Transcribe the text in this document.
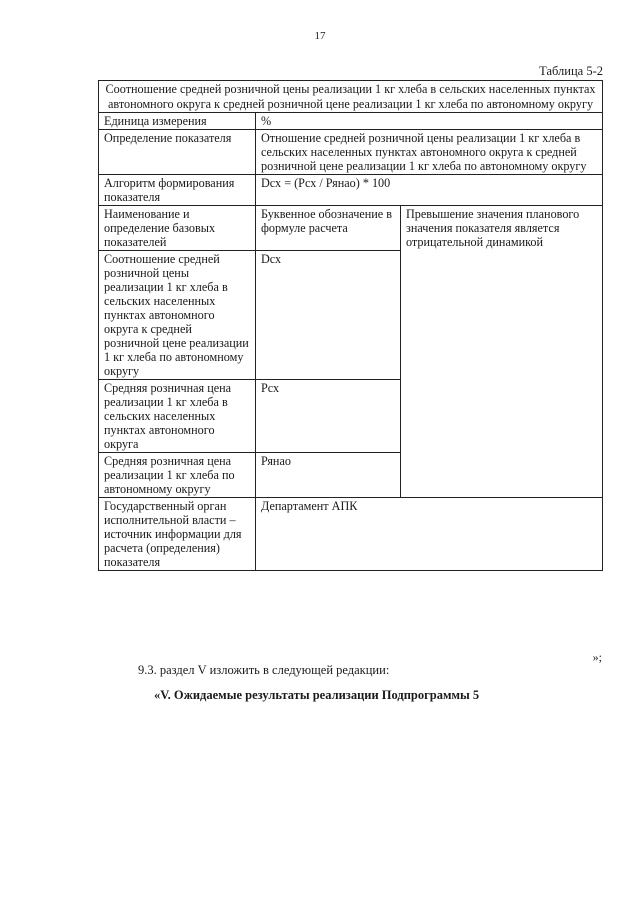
17
Таблица 5-2
Соотношение средней розничной цены реализации 1 кг хлеба в сельских населенных пунктах автономного округа к средней розничной цене реализации 1 кг хлеба по автономному округу		
Единица измерения	%	
Определение показателя	Отношение средней розничной цены реализации 1 кг хлеба в сельских населенных пунктах автономного округа к средней розничной цене реализации 1 кг хлеба по автономному округу	
Алгоритм формирования показателя	Dсх = (Рсх / Рянао) * 100	
Наименование и определение базовых показателей	Буквенное обозначение в формуле расчета	Превышение значения планового значения показателя является отрицательной динамикой
Соотношение средней розничной цены реализации 1 кг хлеба в сельских населенных пунктах автономного округа к средней розничной цене реализации 1 кг хлеба по автономному округу	Dсх	
Средняя розничная цена реализации 1 кг хлеба в сельских населенных пунктах автономного округа	Рсх	
Средняя розничная цена реализации 1 кг хлеба по автономному округу	Рянао	
Государственный орган исполнительной власти – источник информации для расчета (определения) показателя	Департамент АПК	
»;
9.3. раздел V изложить в следующей редакции:
«V. Ожидаемые результаты реализации Подпрограммы 5
